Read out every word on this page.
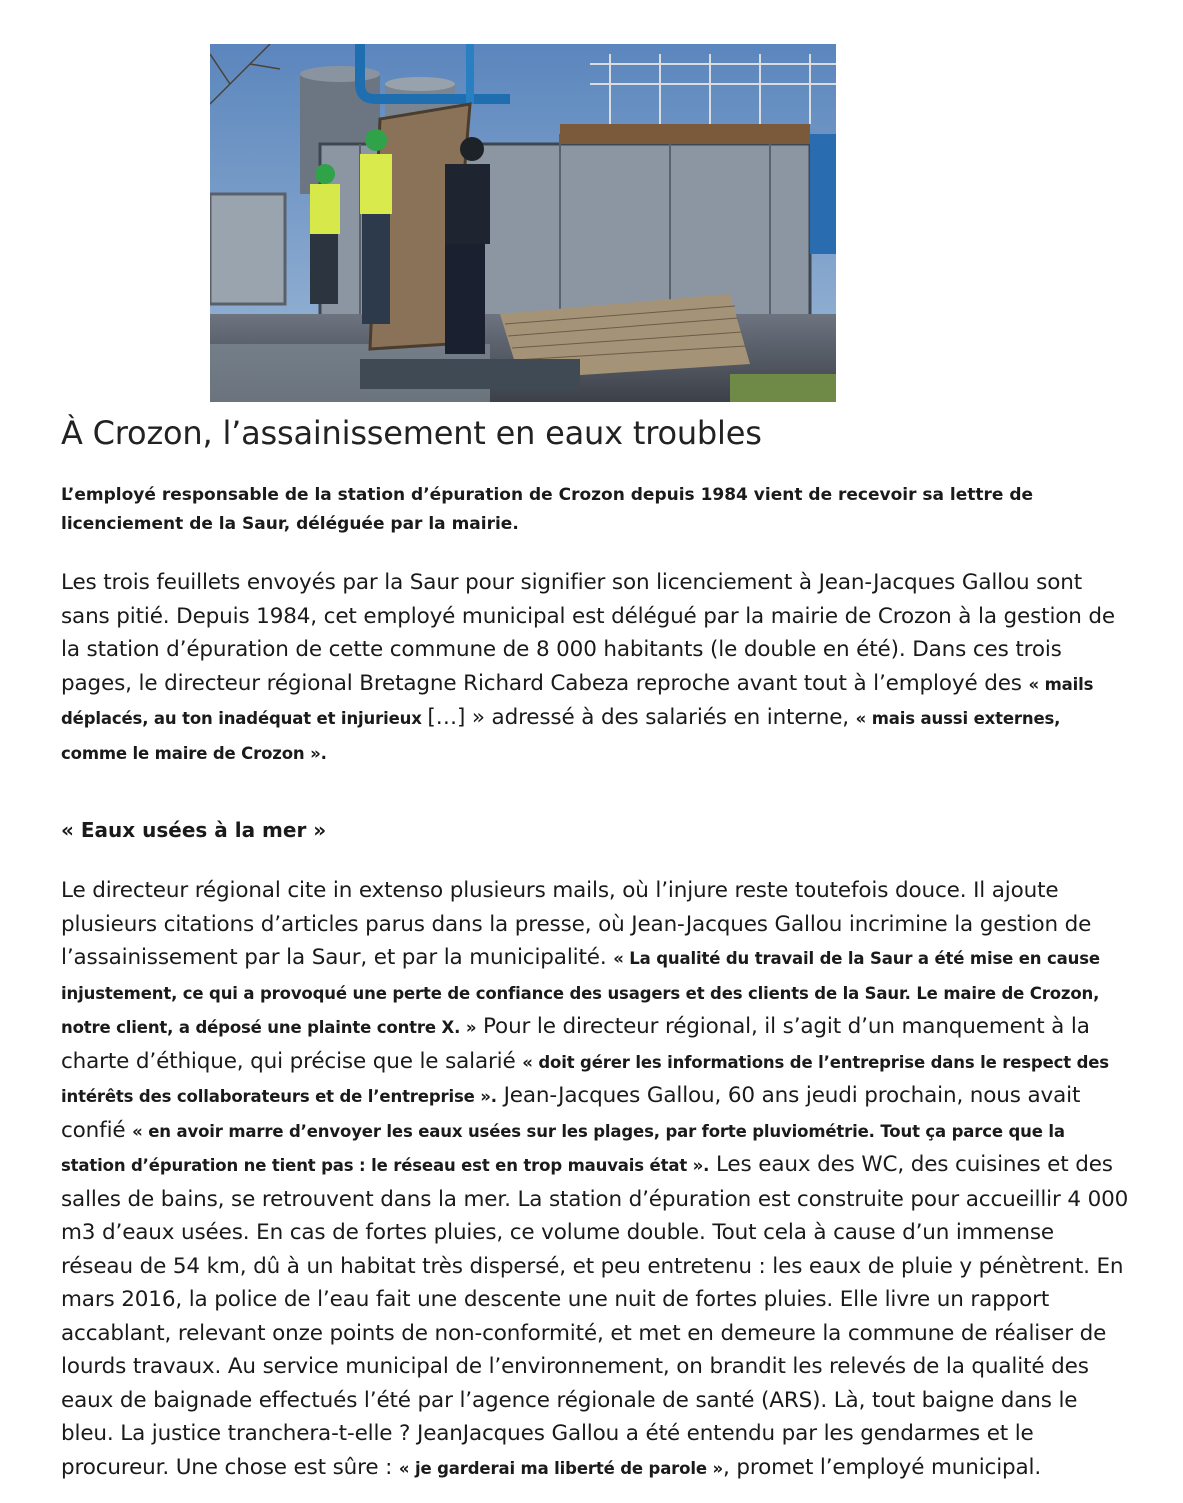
À Crozon, l’assainissement en eaux troubles

L’employé responsable de la station d’épuration de Crozon depuis 1984 vient de recevoir sa lettre de licenciement de la Saur, déléguée par la mairie.

Les trois feuillets envoyés par la Saur pour signifier son licenciement à Jean-Jacques Gallou sont sans pitié. Depuis 1984, cet employé municipal est délégué par la mairie de Crozon à la gestion de la station d’épuration de cette commune de 8 000 habitants (le double en été). Dans ces trois pages, le directeur régional Bretagne Richard Cabeza reproche avant tout à l’employé des « mails déplacés, au ton inadéquat et injurieux […] » adressé à des salariés en interne, « mais aussi externes, comme le maire de Crozon ».

« Eaux usées à la mer »

Le directeur régional cite in extenso plusieurs mails, où l’injure reste toutefois douce. Il ajoute plusieurs citations d’articles parus dans la presse, où Jean-Jacques Gallou incrimine la gestion de l’assainissement par la Saur, et par la municipalité. « La qualité du travail de la Saur a été mise en cause injustement, ce qui a provoqué une perte de confiance des usagers et des clients de la Saur. Le maire de Crozon, notre client, a déposé une plainte contre X. » Pour le directeur régional, il s’agit d’un manquement à la charte d’éthique, qui précise que le salarié « doit gérer les informations de l’entreprise dans le respect des intérêts des collaborateurs et de l’entreprise ». Jean-Jacques Gallou, 60 ans jeudi prochain, nous avait confié « en avoir marre d’envoyer les eaux usées sur les plages, par forte pluviométrie. Tout ça parce que la station d’épuration ne tient pas : le réseau est en trop mauvais état ». Les eaux des WC, des cuisines et des salles de bains, se retrouvent dans la mer. La station d’épuration est construite pour accueillir 4 000 m3 d’eaux usées. En cas de fortes pluies, ce volume double. Tout cela à cause d’un immense réseau de 54 km, dû à un habitat très dispersé, et peu entretenu : les eaux de pluie y pénètrent. En mars 2016, la police de l’eau fait une descente une nuit de fortes pluies. Elle livre un rapport accablant, relevant onze points de non-conformité, et met en demeure la commune de réaliser de lourds travaux. Au service municipal de l’environnement, on brandit les relevés de la qualité des eaux de baignade effectués l’été par l’agence régionale de santé (ARS). Là, tout baigne dans le bleu. La justice tranchera-t-elle ? JeanJacques Gallou a été entendu par les gendarmes et le procureur. Une chose est sûre : « je garderai ma liberté de parole », promet l’employé municipal.
